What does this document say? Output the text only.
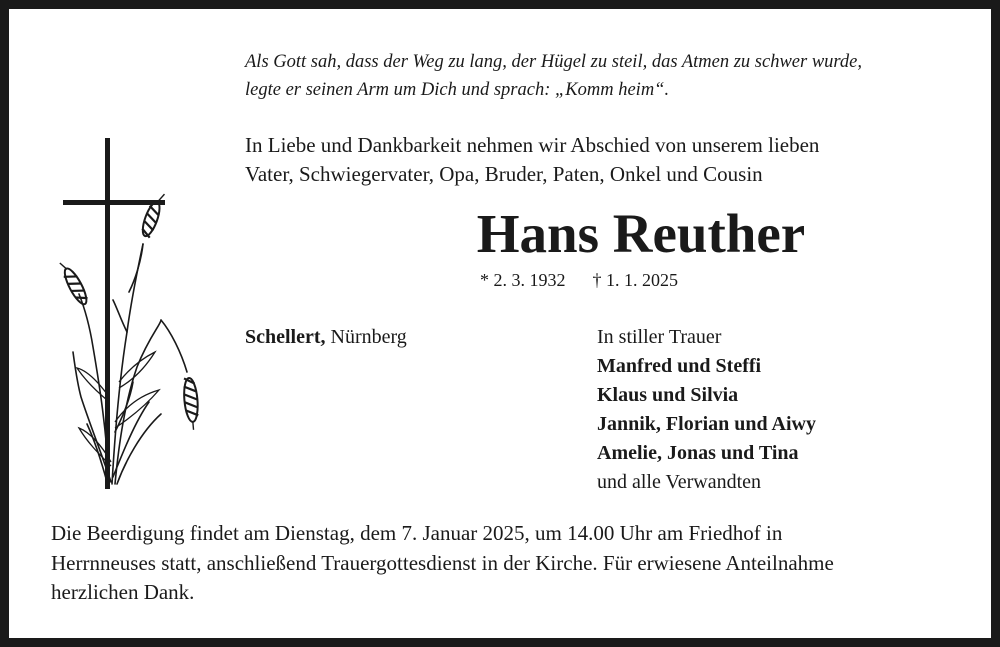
Als Gott sah, dass der Weg zu lang, der Hügel zu steil, das Atmen zu schwer wurde,
legte er seinen Arm um Dich und sprach: „Komm heim“.
In Liebe und Dankbarkeit nehmen wir Abschied von unserem lieben
Vater, Schwiegervater, Opa, Bruder, Paten, Onkel und Cousin
Hans Reuther
* 2. 3. 1932 † 1. 1. 2025
Schellert, Nürnberg	In stiller Trauer
Manfred und Steffi
Klaus und Silvia
Jannik, Florian und Aiwy
Amelie, Jonas und Tina
und alle Verwandten
Die Beerdigung findet am Dienstag, dem 7. Januar 2025, um 14.00 Uhr am Friedhof in
Herrnneuses statt, anschließend Trauergottesdienst in der Kirche. Für erwiesene Anteilnahme
herzlichen Dank.
